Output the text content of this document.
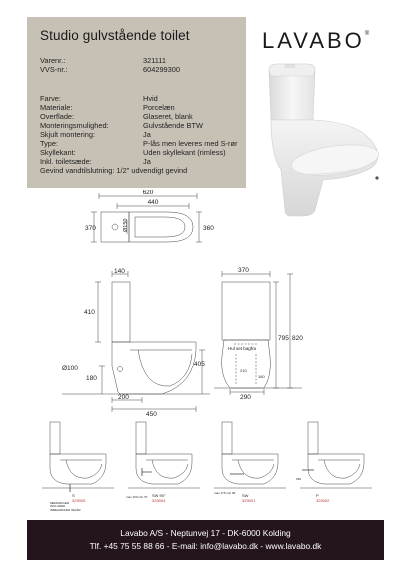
Studio gulvstående toilet
Varenr.:	321111
VVS-nr.:	604299300
Farve:	Hvid
Materiale:	Porcelæn
Overflade:	Glaseret, blank
Monteringsmulighed:	Gulvstående BTW
Skjult montering:	Ja
Type:	P-lås men leveres med S-rør
Skyllekant:	Uden skyllekant (rimless)
Inkl. toiletsæde:	Ja
Gevind vandtilslutning: 1/2" udvendigt gevind
LAVABO®
620
440
370	360
Ø150
140
410
Ø100
405
180
200
450
370
795 820
Hul set bagfra
210
160
290
S
329005
MEDFØLGER INCLUDED INBEGRIFFEN INGÅR
SW 90°
329004
max 160 min 70	SW
329001
max 175 min 95	P
329002
180
Lavabo A/S - Neptunvej 17 - DK-6000 Kolding
Tlf. +45 75 55 88 66 - E-mail: info@lavabo.dk - www.lavabo.dk
